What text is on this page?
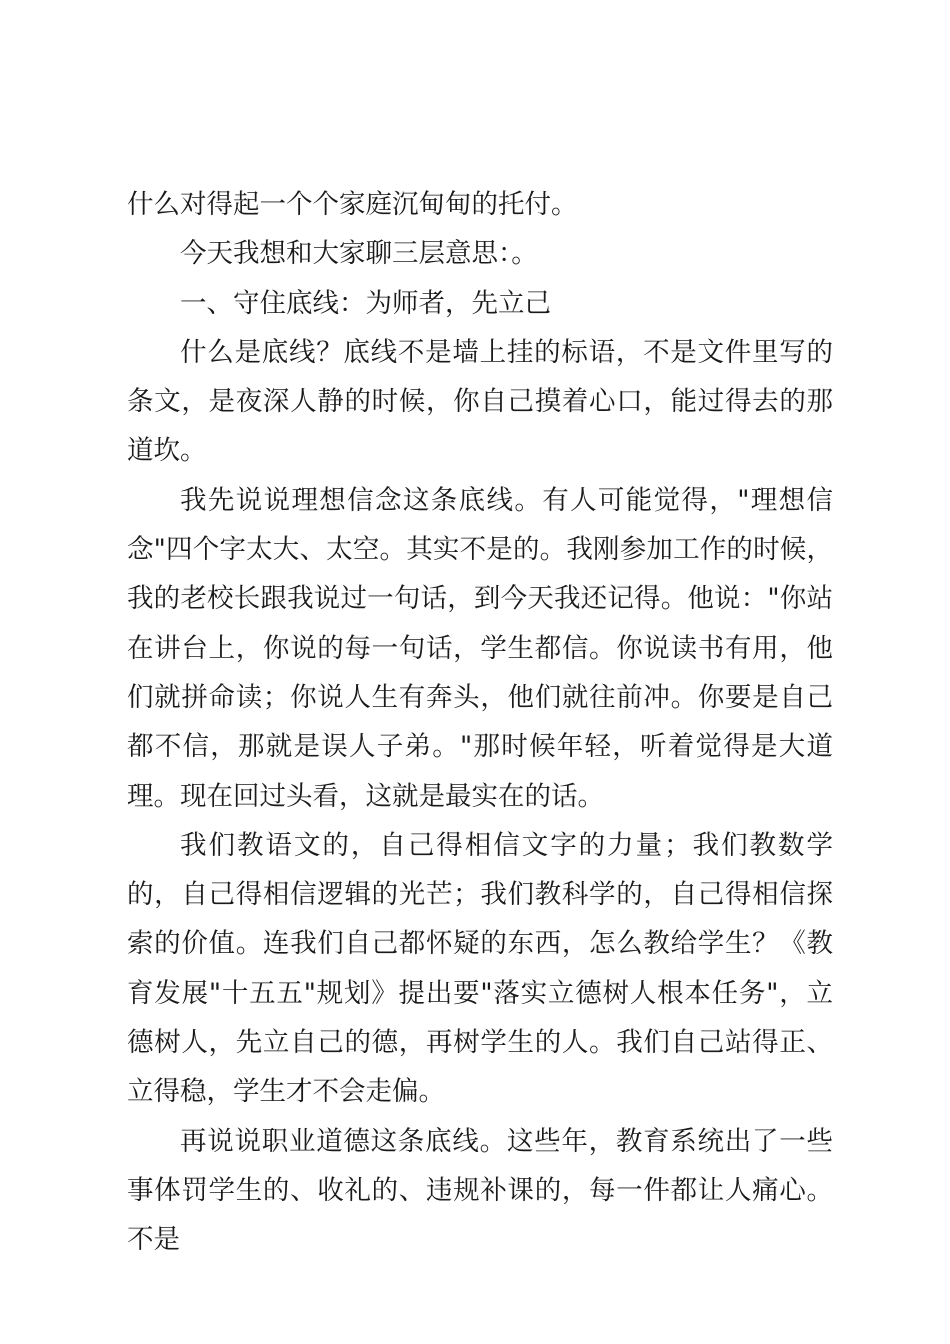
什么对得起一个个家庭沉甸甸的托付。

今天我想和大家聊三层意思：。

一、守住底线：为师者，先立己

什么是底线？底线不是墙上挂的标语，不是文件里写的条文，是夜深人静的时候，你自己摸着心口，能过得去的那道坎。

我先说说理想信念这条底线。有人可能觉得，"理想信念"四个字太大、太空。其实不是的。我刚参加工作的时候，我的老校长跟我说过一句话，到今天我还记得。他说："你站在讲台上，你说的每一句话，学生都信。你说读书有用，他们就拼命读；你说人生有奔头，他们就往前冲。你要是自己都不信，那就是误人子弟。"那时候年轻，听着觉得是大道理。现在回过头看，这就是最实在的话。

我们教语文的，自己得相信文字的力量；我们教数学的，自己得相信逻辑的光芒；我们教科学的，自己得相信探索的价值。连我们自己都怀疑的东西，怎么教给学生？《教育发展"十五五"规划》提出要"落实立德树人根本任务"，立德树人，先立自己的德，再树学生的人。我们自己站得正、立得稳，学生才不会走偏。

再说说职业道德这条底线。这些年，教育系统出了一些事体罚学生的、收礼的、违规补课的，每一件都让人痛心。不是
